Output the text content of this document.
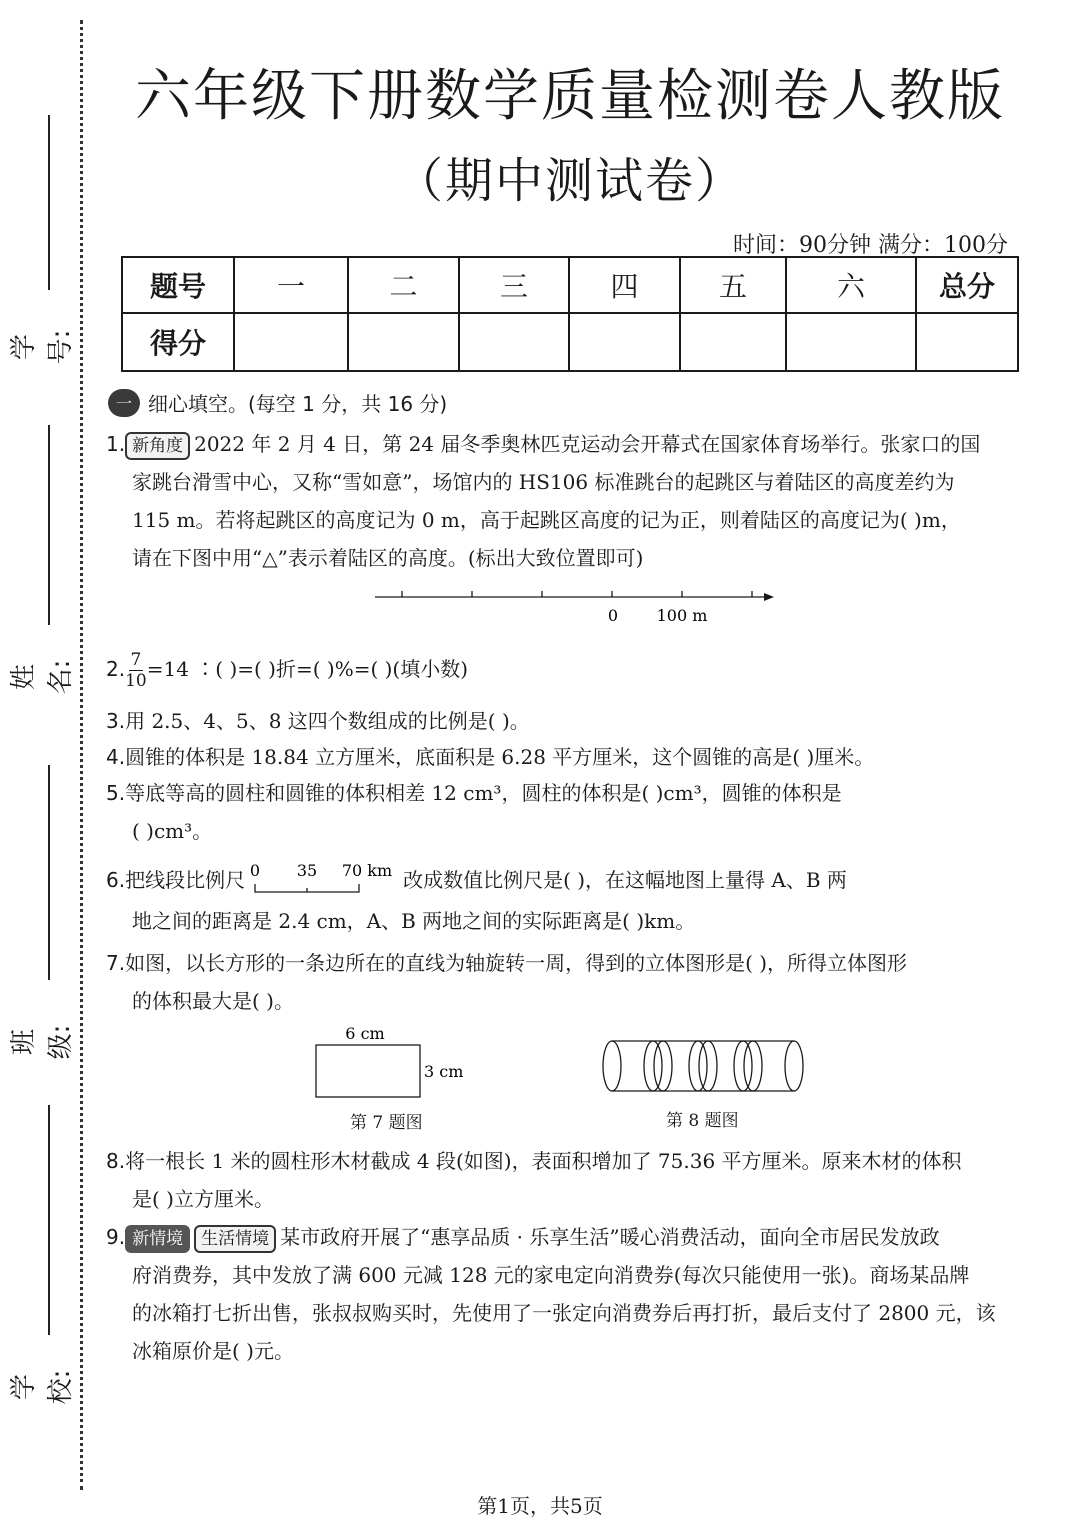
学号:
姓名:
班级:
学校:
六年级下册数学质量检测卷人教版
（期中测试卷）
时间：90分钟 满分：100分
题号	一	二	三	四	五	六	总分
得分							
一 细心填空。(每空 1 分，共 16 分)
1. 新角度 2022 年 2 月 4 日，第 24 届冬季奥林匹克运动会开幕式在国家体育场举行。张家口的国
家跳台滑雪中心，又称“雪如意”，场馆内的 HS106 标准跳台的起跳区与着陆区的高度差约为
115 m。若将起跳区的高度记为 0 m，高于起跳区高度的记为正，则着陆区的高度记为( )m，
请在下图中用“△”表示着陆区的高度。(标出大致位置即可)
0 100 m
2. $\frac{7}{10} =14$ ∶( )=( )折=( )%=( )(填小数)
3.用 2.5、4、5、8 这四个数组成的比例是( )。
4.圆锥的体积是 18.84 立方厘米，底面积是 6.28 平方厘米，这个圆锥的高是( )厘米。
5.等底等高的圆柱和圆锥的体积相差 12 cm³，圆柱的体积是( )cm³，圆锥的体积是
( )cm³。
6. 把线段比例尺 0 35 70 km 改成数值比例尺是( )，在这幅地图上量得 A、B 两
地之间的距离是 2.4 cm，A、B 两地之间的实际距离是( )km。
7.如图，以长方形的一条边所在的直线为轴旋转一周，得到的立体图形是( )，所得立体图形
的体积最大是( )。
6 cm
3 cm
第 7 题图	第 8 题图
8.将一根长 1 米的圆柱形木材截成 4 段(如图)，表面积增加了 75.36 平方厘米。原来木材的体积
是( )立方厘米。
9. 新情境 生活情境 某市政府开展了“惠享品质 · 乐享生活”暖心消费活动，面向全市居民发放政
府消费券，其中发放了满 600 元减 128 元的家电定向消费券(每次只能使用一张)。商场某品牌
的冰箱打七折出售，张叔叔购买时，先使用了一张定向消费券后再打折，最后支付了 2800 元，该
冰箱原价是( )元。
第1页，共5页
